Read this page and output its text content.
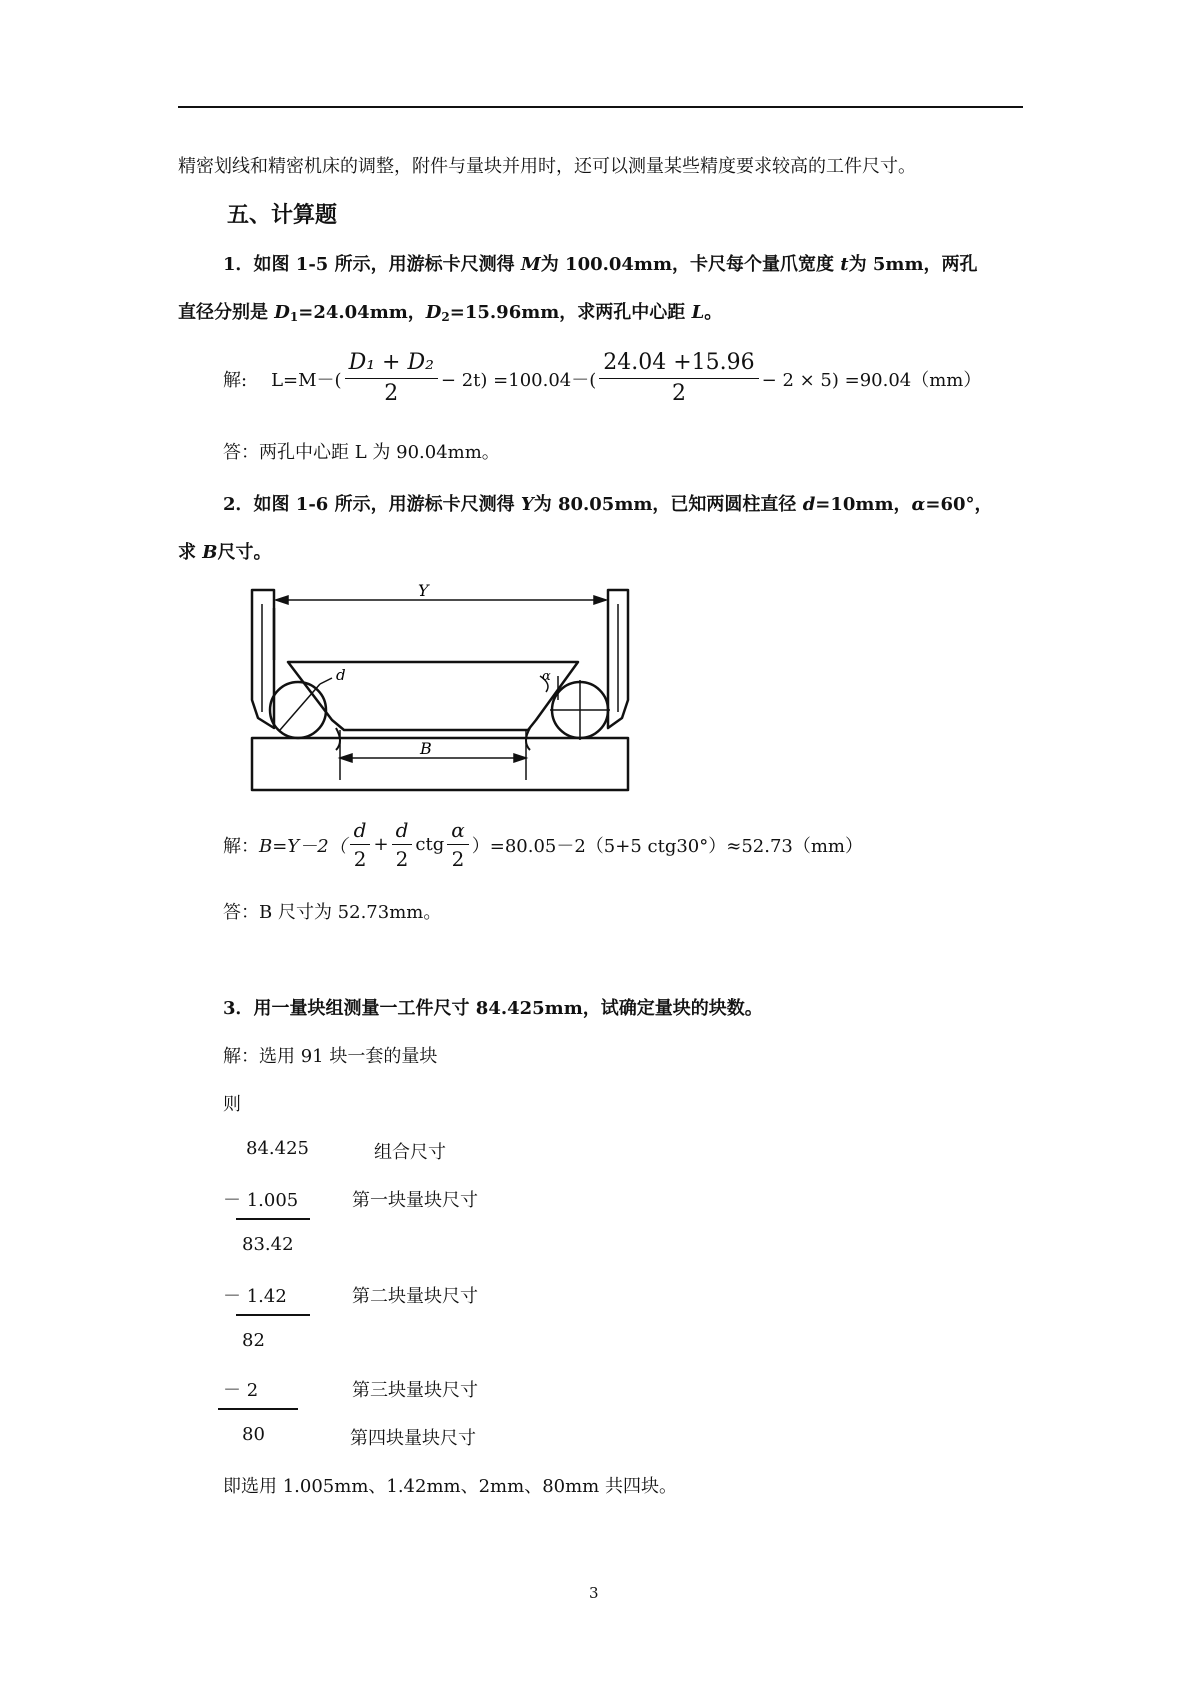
精密划线和精密机床的调整，附件与量块并用时，还可以测量某些精度要求较高的工件尺寸。
五、计算题
1．如图 1-5 所示，用游标卡尺测得 M为 100.04mm，卡尺每个量爪宽度 t为 5mm，两孔
直径分别是 $D_1=24.04mm$，$D_2=15.96mm$，求两孔中心距 L。
解: $L=M-( \frac{\text{D₁ + D₂}}{2} - 2t) =100.04-( \frac{24.04 +15.96}{2} - 2 \times 5) =90.04(mm)$
答：两孔中心距 L 为 90.04mm。
2．如图 1-6 所示，用游标卡尺测得 Y为 80.05mm，已知两圆柱直径 d=10mm，α=60°，
求 B尺寸。
Y
B
d	α
解： $B=Y-2( \frac{d}{2} + \frac{d}{2}$ ctg $\frac{\alpha}{2} )=80.05-2(5+5$ ctg30°）≈52.73（mm）
答：B 尺寸为 52.73mm。
3．用一量块组测量一工件尺寸 84.425mm，试确定量块的块数。
解：选用 91 块一套的量块
则
84.425	组合尺寸
－ 1.005	第一块量块尺寸
83.42
－ 1.42	第二块量块尺寸
82
－ 2	第三块量块尺寸
80	第四块量块尺寸
即选用 1.005mm、1.42mm、2mm、80mm 共四块。
3
